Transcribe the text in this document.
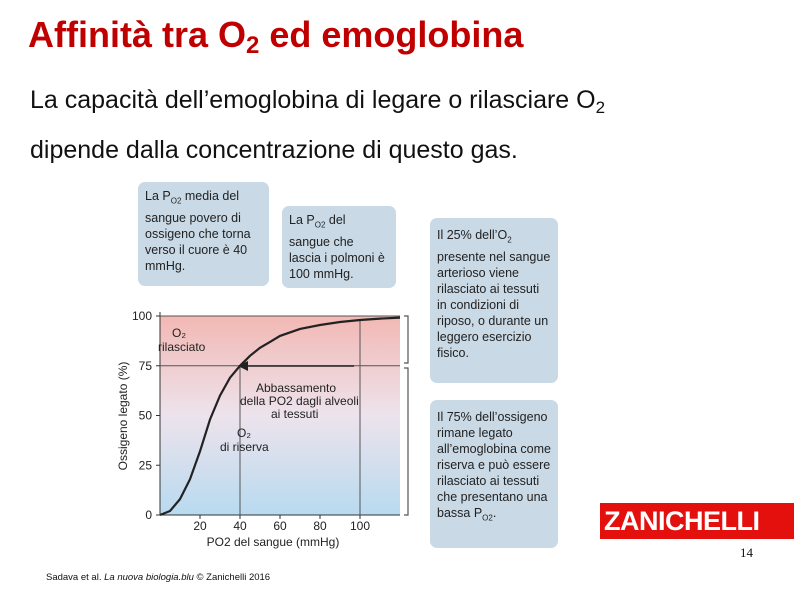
Affinità tra $O_2$ ed emoglobina
La capacità dell’emoglobina di legare o rilasciare $O_2$
dipende dalla concentrazione di questo gas.
La $P_{O2}$ media del sangue povero di ossigeno che torna verso il cuore è 40 mmHg.
La $P_{O2}$ del sangue che lascia i polmoni è 100 mmHg.
Il 25% $dell’O_2$ presente nel sangue arterioso viene rilasciato ai tessuti in condizioni di riposo, o durante un leggero esercizio fisico.
Il 75% dell’ossigeno rimane legato all’emoglobina come riserva e può essere rilasciato ai tessuti che presentano una bassa $P_{O2}$.
0
25
50
75
100
20 40 60 80 100
Ossigeno legato (%)
PO2 del sangue (mmHg)
O₂ rilasciato
O₂ di riserva
Abbassamento della PO2 dagli alveoli ai tessuti
ZANICHELLI
14
Sadava et al. La nuova biologia.blu © Zanichelli 2016
